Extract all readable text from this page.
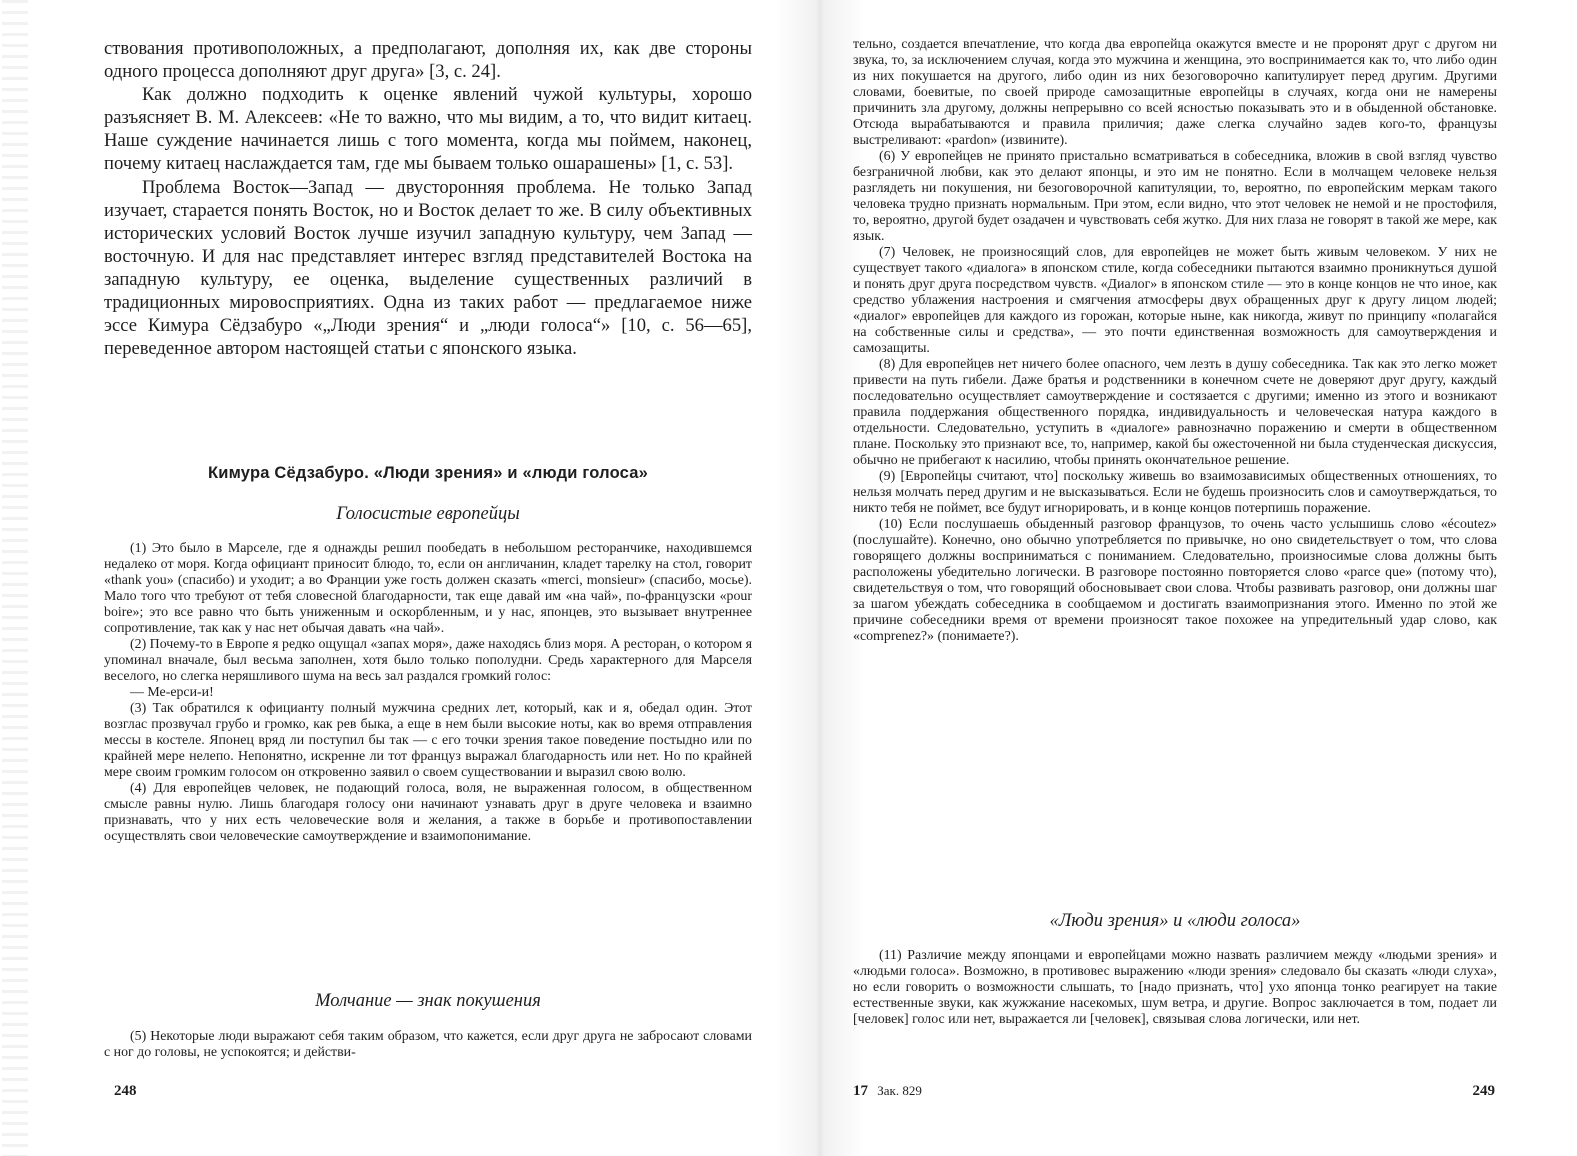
ствования противоположных, а предполагают, дополняя их, как две стороны одного процесса дополняют друг друга» [3, с. 24].

Как должно подходить к оценке явлений чужой культуры, хорошо разъясняет В. М. Алексеев: «Не то важно, что мы видим, а то, что видит китаец. Наше суждение начинается лишь с того момента, когда мы поймем, наконец, почему китаец наслаждается там, где мы бываем только ошарашены» [1, с. 53].

Проблема Восток—Запад — двусторонняя проблема. Не только Запад изучает, старается понять Восток, но и Восток делает то же. В силу объективных исторических условий Восток лучше изучил западную культуру, чем Запад — восточную. И для нас представляет интерес взгляд представителей Востока на западную культуру, ее оценка, выделение существенных различий в традиционных мировосприятиях. Одна из таких работ — предлагаемое ниже эссе Кимура Сёдзабуро «„Люди зрения“ и „люди голоса“» [10, с. 56—65], переведенное автором настоящей статьи с японского языка.

Кимура Сёдзабуро. «Люди зрения» и «люди голоса»
Голосистые европейцы

(1) Это было в Марселе, где я однажды решил пообедать в небольшом ресторанчике, находившемся недалеко от моря. Когда официант приносит блюдо, то, если он англичанин, кладет тарелку на стол, говорит «thank you» (спасибо) и уходит; а во Франции уже гость должен сказать «merci, monsieur» (спасибо, мосье). Мало того что требуют от тебя словесной благодарности, так еще давай им «на чай», по-французски «pour boire»; это все равно что быть униженным и оскорбленным, и у нас, японцев, это вызывает внутреннее сопротивление, так как у нас нет обычая давать «на чай».

(2) Почему-то в Европе я редко ощущал «запах моря», даже находясь близ моря. А ресторан, о котором я упоминал вначале, был весьма заполнен, хотя было только пополудни. Средь характерного для Марселя веселого, но слегка неряшливого шума на весь зал раздался громкий голос:

— Ме-ерси-и!

(3) Так обратился к официанту полный мужчина средних лет, который, как и я, обедал один. Этот возглас прозвучал грубо и громко, как рев быка, а еще в нем были высокие ноты, как во время отправления мессы в костеле. Японец вряд ли поступил бы так — с его точки зрения такое поведение постыдно или по крайней мере нелепо. Непонятно, искренне ли тот француз выражал благодарность или нет. Но по крайней мере своим громким голосом он откровенно заявил о своем существовании и выразил свою волю.

(4) Для европейцев человек, не подающий голоса, воля, не выраженная голосом, в общественном смысле равны нулю. Лишь благодаря голосу они начинают узнавать друг в друге человека и взаимно признавать, что у них есть человеческие воля и желания, а также в борьбе и противопоставлении осуществлять свои человеческие самоутверждение и взаимопонимание.

Молчание — знак покушения

(5) Некоторые люди выражают себя таким образом, что кажется, если друг друга не забросают словами с ног до головы, не успокоятся; и действи-

248

тельно, создается впечатление, что когда два европейца окажутся вместе и не проронят друг с другом ни звука, то, за исключением случая, когда это мужчина и женщина, это воспринимается как то, что либо один из них покушается на другого, либо один из них безоговорочно капитулирует перед другим. Другими словами, боевитые, по своей природе самозащитные европейцы в случаях, когда они не намерены причинить зла другому, должны непрерывно со всей ясностью показывать это и в обыденной обстановке. Отсюда вырабатываются и правила приличия; даже слегка случайно задев кого-то, французы выстреливают: «pardon» (извините).

(6) У европейцев не принято пристально всматриваться в собеседника, вложив в свой взгляд чувство безграничной любви, как это делают японцы, и это им не понятно. Если в молчащем человеке нельзя разглядеть ни покушения, ни безоговорочной капитуляции, то, вероятно, по европейским меркам такого человека трудно признать нормальным. При этом, если видно, что этот человек не немой и не простофиля, то, вероятно, другой будет озадачен и чувствовать себя жутко. Для них глаза не говорят в такой же мере, как язык.

(7) Человек, не произносящий слов, для европейцев не может быть живым человеком. У них не существует такого «диалога» в японском стиле, когда собеседники пытаются взаимно проникнуться душой и понять друг друга посредством чувств. «Диалог» в японском стиле — это в конце концов не что иное, как средство ублажения настроения и смягчения атмосферы двух обращенных друг к другу лицом людей; «диалог» европейцев для каждого из горожан, которые ныне, как никогда, живут по принципу «полагайся на собственные силы и средства», — это почти единственная возможность для самоутверждения и самозащиты.

(8) Для европейцев нет ничего более опасного, чем лезть в душу собеседника. Так как это легко может привести на путь гибели. Даже братья и родственники в конечном счете не доверяют друг другу, каждый последовательно осуществляет самоутверждение и состязается с другими; именно из этого и возникают правила поддержания общественного порядка, индивидуальность и человеческая натура каждого в отдельности. Следовательно, уступить в «диалоге» равнозначно поражению и смерти в общественном плане. Поскольку это признают все, то, например, какой бы ожесточенной ни была студенческая дискуссия, обычно не прибегают к насилию, чтобы принять окончательное решение.

(9) [Европейцы считают, что] поскольку живешь во взаимозависимых общественных отношениях, то нельзя молчать перед другим и не высказываться. Если не будешь произносить слов и самоутверждаться, то никто тебя не поймет, все будут игнорировать, и в конце концов потерпишь поражение.

(10) Если послушаешь обыденный разговор французов, то очень часто услышишь слово «écoutez» (послушайте). Конечно, оно обычно употребляется по привычке, но оно свидетельствует о том, что слова говорящего должны восприниматься с пониманием. Следовательно, произносимые слова должны быть расположены убедительно логически. В разговоре постоянно повторяется слово «parce que» (потому что), свидетельствуя о том, что говорящий обосновывает свои слова. Чтобы развивать разговор, они должны шаг за шагом убеждать собеседника в сообщаемом и достигать взаимопризнания этого. Именно по этой же причине собеседники время от времени произносят такое похожее на упредительный удар слово, как «comprenez?» (понимаете?).

«Люди зрения» и «люди голоса»

(11) Различие между японцами и европейцами можно назвать различием между «людьми зрения» и «людьми голоса». Возможно, в противовес выражению «люди зрения» следовало бы сказать «люди слуха», но если говорить о возможности слышать, то [надо признать, что] ухо японца тонко реагирует на такие естественные звуки, как жужжание насекомых, шум ветра, и другие. Вопрос заключается в том, подает ли [человек] голос или нет, выражается ли [человек], связывая слова логически, или нет.

17 Зак. 829	249
